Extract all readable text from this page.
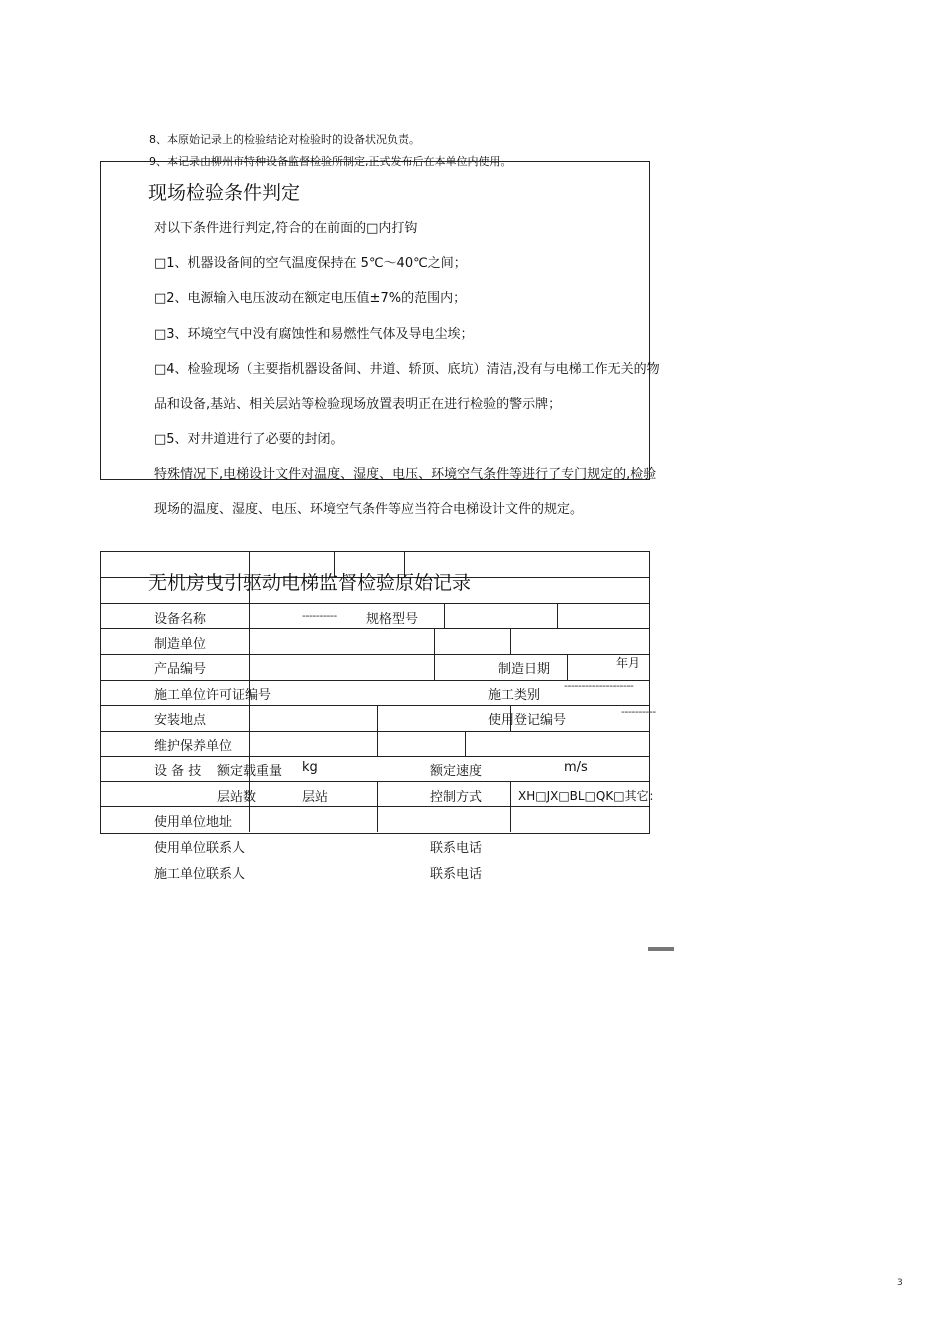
8、本原始记录上的检验结论对检验时的设备状况负责。
9、本记录由柳州市特种设备监督检验所制定,正式发布后在本单位内使用。
现场检验条件判定
对以下条件进行判定,符合的在前面的□内打钩
□1、机器设备间的空气温度保持在 5℃～40℃之间；
□2、电源输入电压波动在额定电压值±7%的范围内；
□3、环境空气中没有腐蚀性和易燃性气体及导电尘埃；
□4、检验现场（主要指机器设备间、井道、轿顶、底坑）清洁,没有与电梯工作无关的物
品和设备,基站、相关层站等检验现场放置表明正在进行检验的警示牌；
□5、对井道进行了必要的封闭。
特殊情况下,电梯设计文件对温度、湿度、电压、环境空气条件等进行了专门规定的,检验
现场的温度、湿度、电压、环境空气条件等应当符合电梯设计文件的规定。
无机房曳引驱动电梯监督检验原始记录
设备名称	---------- 规格型号
制造单位
产品编号	制造日期	年月
施工单位许可证编号	施工类别
--------------------
安装地点	使用登记编号
----------
维护保养单位
设 备 技 额定载重量 kg	额定速度	m/s
层站数	层站	控制方式	XH□JX□BL□QK□其它：
使用单位地址
使用单位联系人	联系电话
施工单位联系人	联系电话
3
